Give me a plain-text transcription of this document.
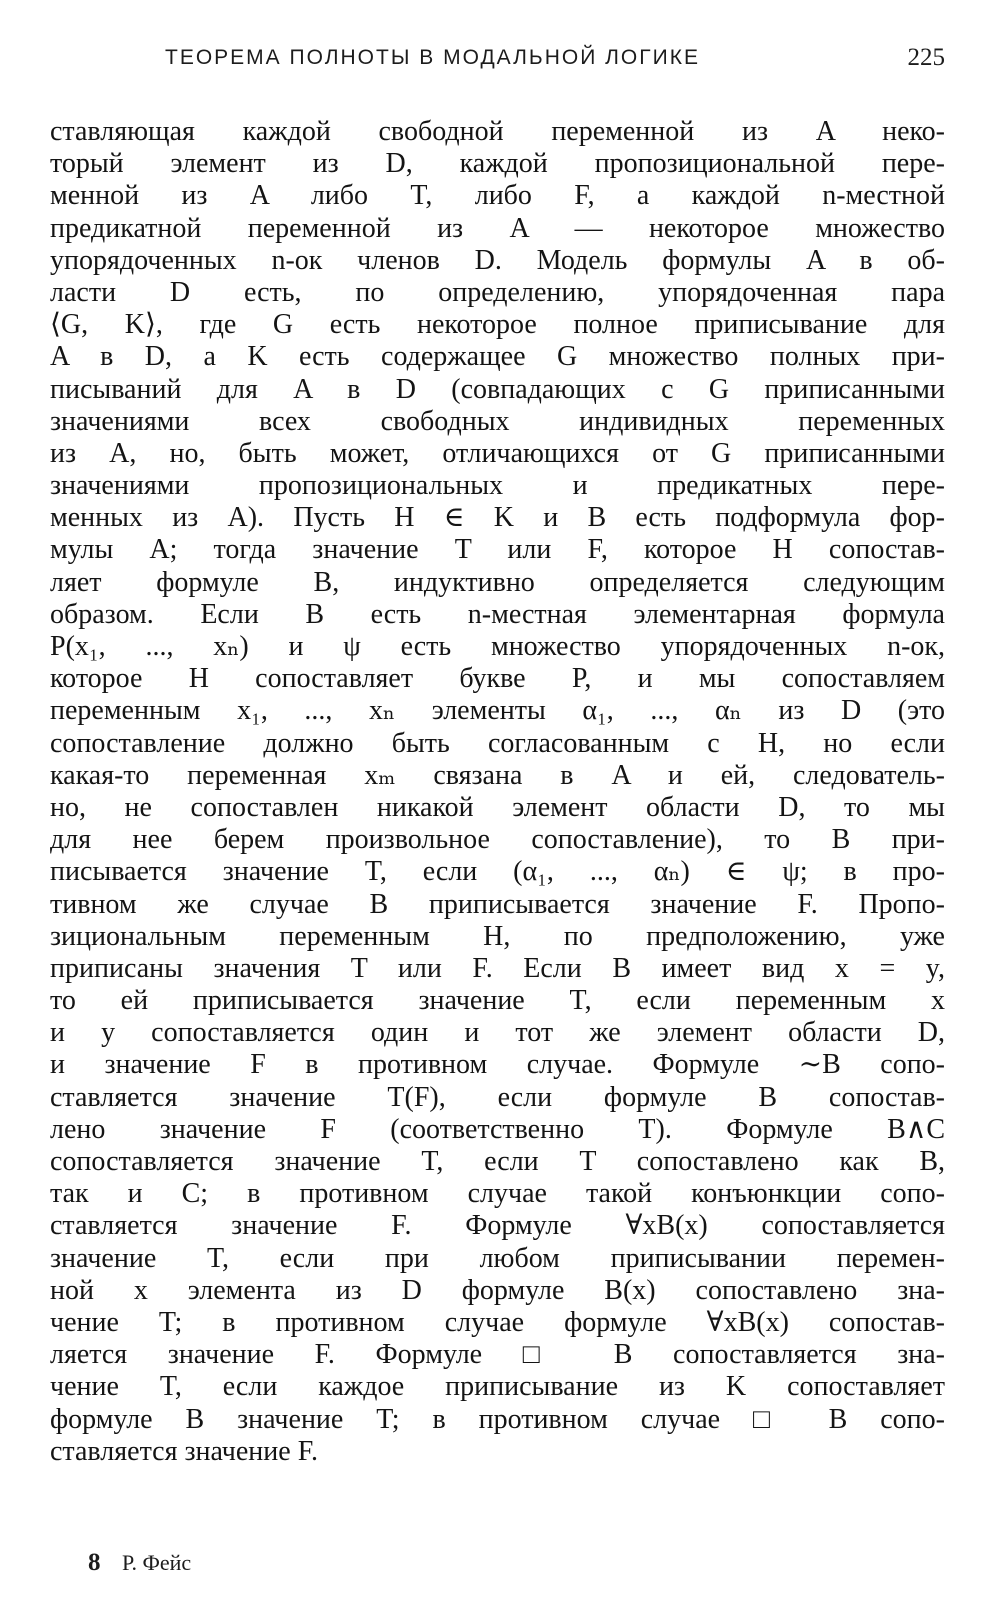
ТЕОРЕМА ПОЛНОТЫ В МОДАЛЬНОЙ ЛОГИКЕ	225
ставляющая каждой свободной переменной из A неко-
торый элемент из D, каждой пропозициональной пере-
менной из A либо T, либо F, а каждой n-местной
предикатной переменной из A — некоторое множество
упорядоченных n-ок членов D. Модель формулы A в об-
ласти D есть, по определению, упорядоченная пара
⟨G, K⟩, где G есть некоторое полное приписывание для
A в D, а K есть содержащее G множество полных при-
писываний для A в D (совпадающих с G приписанными
значениями всех свободных индивидных переменных
из A, но, быть может, отличающихся от G приписанными
значениями пропозициональных и предикатных пере-
менных из A). Пусть H ∈ K и B есть подформула фор-
мулы A; тогда значение T или F, которое H сопостав-
ляет формуле B, индуктивно определяется следующим
образом. Если B есть n-местная элементарная формула
P(x₁, ..., xₙ) и ψ есть множество упорядоченных n-ок,
которое H сопоставляет букве P, и мы сопоставляем
переменным x₁, ..., xₙ элементы α₁, ..., αₙ из D (это
сопоставление должно быть согласованным с H, но если
какая-то переменная xₘ связана в A и ей, следователь-
но, не сопоставлен никакой элемент области D, то мы
для нее берем произвольное сопоставление), то B при-
писывается значение T, если (α₁, ..., αₙ) ∈ ψ; в про-
тивном же случае B приписывается значение F. Пропо-
зициональным переменным H, по предположению, уже
приписаны значения T или F. Если B имеет вид x = y,
то ей приписывается значение T, если переменным x
и y сопоставляется один и тот же элемент области D,
и значение F в противном случае. Формуле ∼B сопо-
ставляется значение T(F), если формуле B сопостав-
лено значение F (соответственно T). Формуле B∧C
сопоставляется значение T, если T сопоставлено как B,
так и C; в противном случае такой конъюнкции сопо-
ставляется значение F. Формуле ∀xB(x) сопоставляется
значение T, если при любом приписывании перемен-
ной x элемента из D формуле B(x) сопоставлено зна-
чение T; в противном случае формуле ∀xB(x) сопостав-
ляется значение F. Формуле □ B сопоставляется зна-
чение T, если каждое приписывание из K сопоставляет
формуле B значение T; в противном случае □ B сопо-
ставляется значение F.
8 Р. Фейс
